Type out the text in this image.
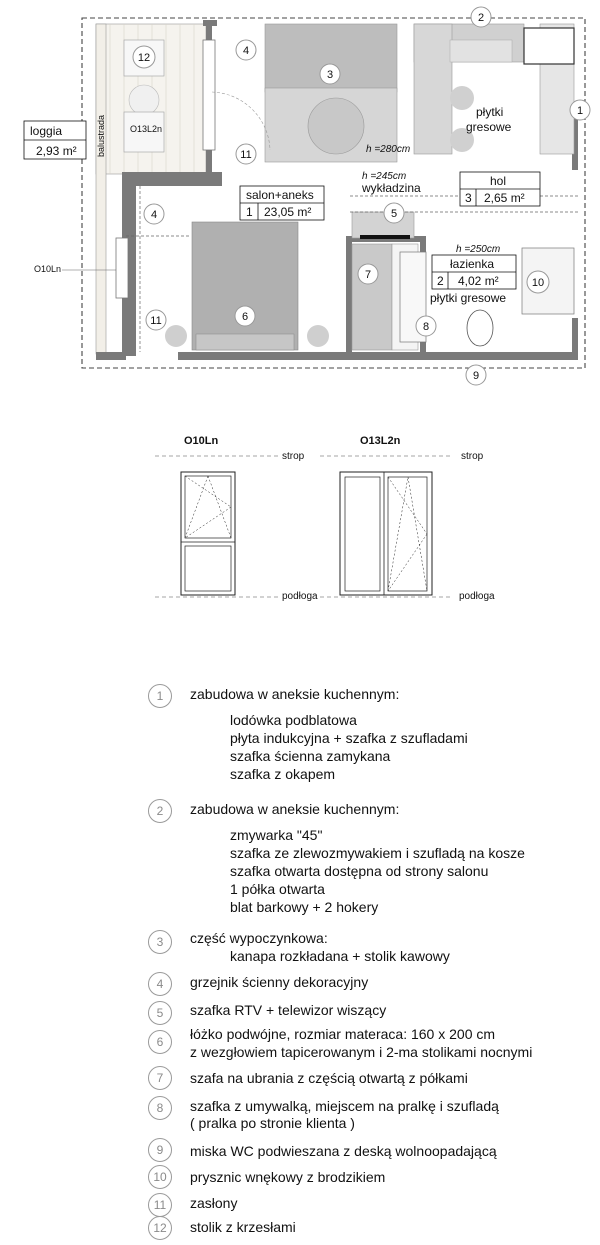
balustrada
loggia
2,93 m²
salon+aneks
1 23,05 m²
hol
3 2,65 m²
łazienka
2 4,02 m²
h =280cm
h =245cm
h =250cm
wykładzina
płytki
gresowe
płytki gresowe
O13L2n
O10Ln
1
2
3
4
4	5
6
7
8
9
10
11
11
12
O10Ln	O13L2n
strop	strop
podłoga	podłoga
1	zabudowa w aneksie kuchennym:
lodówka podblatowa
płyta indukcyjna + szafka z szufladami
szafka ścienna zamykana
szafka z okapem
2	zabudowa w aneksie kuchennym:
zmywarka "45"
szafka ze zlewozmywakiem i szufladą na kosze
szafka otwarta dostępna od strony salonu
1 półka otwarta
blat barkowy + 2 hokery
3	część wypoczynkowa:
kanapa rozkładana + stolik kawowy
4	grzejnik ścienny dekoracyjny
5	szafka RTV + telewizor wiszący
6	łóżko podwójne, rozmiar materaca: 160 x 200 cm
z wezgłowiem tapicerowanym i 2-ma stolikami nocnymi
7	szafa na ubrania z częścią otwartą z półkami
8	szafka z umywalką, miejscem na pralkę i szufladą
( pralka po stronie klienta )
9	miska WC podwieszana z deską wolnoopadającą
10	prysznic wnękowy z brodzikiem
11	zasłony
12	stolik z krzesłami
